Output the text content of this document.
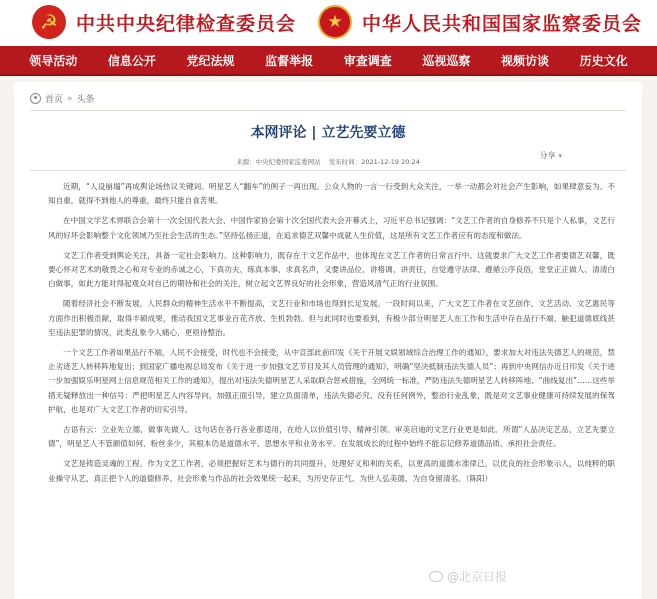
☭ 中共中央纪律检查委员会	★	中华人民共和国国家监察委员会
领导活动	信息公开	党纪法规	监督举报	审查调查	巡视巡察	视频访谈	历史文化
首页 » 头条
本网评论 | 立艺先要立德
分享 ▾
来源：中央纪委国家监委网站 发布时间：2021-12-19 20:24

近期，“人设崩塌”再成舆论场热议关键词。明星艺人“翻车”的例子一再出现。公众人物的一言一行受到大众关注，一举一动都会对社会产生影响，如果肆意妄为、不知自重，就得不到他人的尊重，最终只能自食苦果。

在中国文学艺术界联合会第十一次全国代表大会、中国作家协会第十次全国代表大会开幕式上，习近平总书记强调：“文艺工作者的自身修养不只是个人私事，文艺行风的好坏会影响整个文化领域乃至社会生活的生态。”坚持弘扬正道，在追求德艺双馨中成就人生价值，这是所有文艺工作者应有的态度和做法。

文艺工作者受到舆论关注，具备一定社会影响力。这种影响力，既存在于文艺作品中，也体现在文艺工作者的日常言行中。这就要求广大文艺工作者要德艺双馨，既要心怀对艺术的敬畏之心和对专业的赤诚之心，下真功夫、练真本事、求真名声，又要讲品位、讲格调、讲责任，自觉遵守法律、遵循公序良俗，堂堂正正做人、清清白白做事，如此方能对得起观众对自己的期待和社会的关注，树立起文艺界良好的社会形象，营造风清气正的行业氛围。

随着经济社会不断发展，人民群众的精神生活水平不断提高，文艺行业和市场也得到长足发展。一段时间以来，广大文艺工作者在文艺创作、文艺活动、文艺惠民等方面作出积极贡献，取得丰硕成果，推动我国文艺事业百花齐放、生机勃勃。但与此同时也要看到，有极少部分明星艺人在工作和生活中存在品行不端、触犯道德底线甚至违法犯罪的情况，此类乱象令人痛心，更亟待整治。

一个文艺工作者如果品行不端，人民不会接受，时代也不会接受，从中宣部此前印发《关于开展文娱领域综合治理工作的通知》，要求加大对违法失德艺人的规范，禁止劣迹艺人转移阵地复出；到国家广播电视总局发布《关于进一步加强文艺节目及其人员管理的通知》，明确“坚决抵制违法失德人员”；再到中央网信办近日印发《关于进一步加强娱乐明星网上信息规范相关工作的通知》，提出对违法失德明星艺人采取联合惩戒措施，全网统一标准，严防违法失德明星艺人转移阵地、“曲线复出”……这些举措无疑释放出一种信号：严把明星艺人内容导向，加强正面引导，建立负面清单，违法失德必究、没有任何例外，整治行业乱象，既是对文艺事业健康可持续发展的保驾护航，也是对广大文艺工作者的切实引导。

古语有云：立业先立德，做事先做人。这句话在各行各业都适用，在给人以价值引导、精神引领、审美启迪的文艺行业更是如此。所谓“人品决定艺品、立艺先要立德”，明星艺人不管颜值如何、粉丝多少，其根本仍是道德水平、思想水平和业务水平。在发展成长的过程中始终不能忘记修养道德品质、承担社会责任。

文艺是铸造灵魂的工程。作为文艺工作者，必须把握好艺术与德行的共同提升，处理好义和利的关系，以更高的道德水准律己，以优良的社会形象示人，以纯粹的职业操守从艺，真正把个人的道德修养、社会形象与作品的社会效果统一起来，为历史存正气、为世人弘美德、为自身留清名。（陈阳）

@北京日报
